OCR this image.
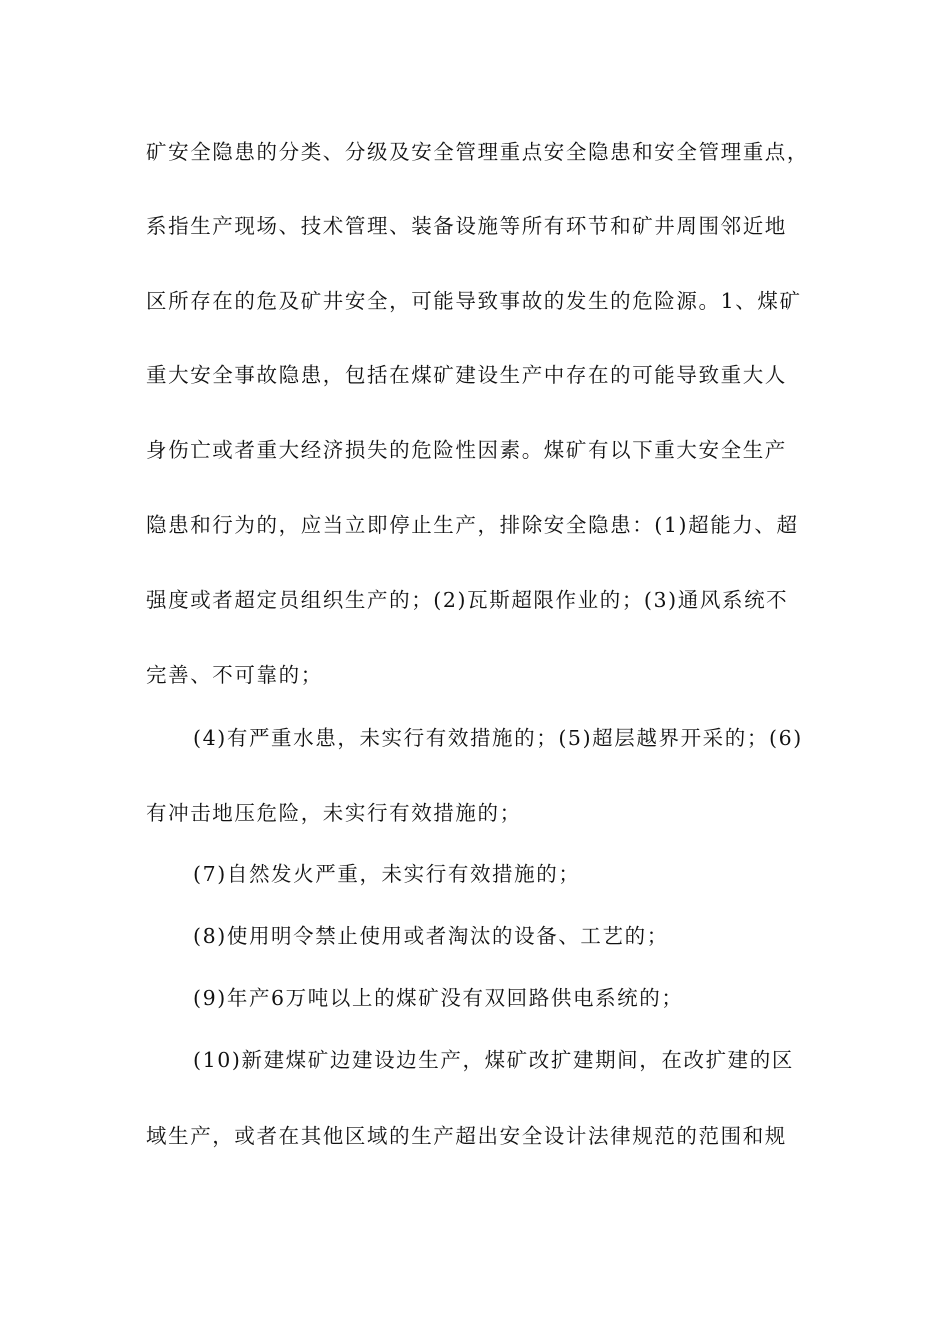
矿安全隐患的分类、分级及安全管理重点安全隐患和安全管理重点，
系指生产现场、技术管理、装备设施等所有环节和矿井周围邻近地
区所存在的危及矿井安全，可能导致事故的发生的危险源。1、煤矿
重大安全事故隐患，包括在煤矿建设生产中存在的可能导致重大人
身伤亡或者重大经济损失的危险性因素。煤矿有以下重大安全生产
隐患和行为的，应当立即停止生产，排除安全隐患：(1)超能力、超
强度或者超定员组织生产的；(2)瓦斯超限作业的；(3)通风系统不
完善、不可靠的；
(4)有严重水患，未实行有效措施的；(5)超层越界开采的；(6)
有冲击地压危险，未实行有效措施的；
(7)自然发火严重，未实行有效措施的；
(8)使用明令禁止使用或者淘汰的设备、工艺的；
(9)年产6万吨以上的煤矿没有双回路供电系统的；
(10)新建煤矿边建设边生产，煤矿改扩建期间，在改扩建的区
域生产，或者在其他区域的生产超出安全设计法律规范的范围和规
